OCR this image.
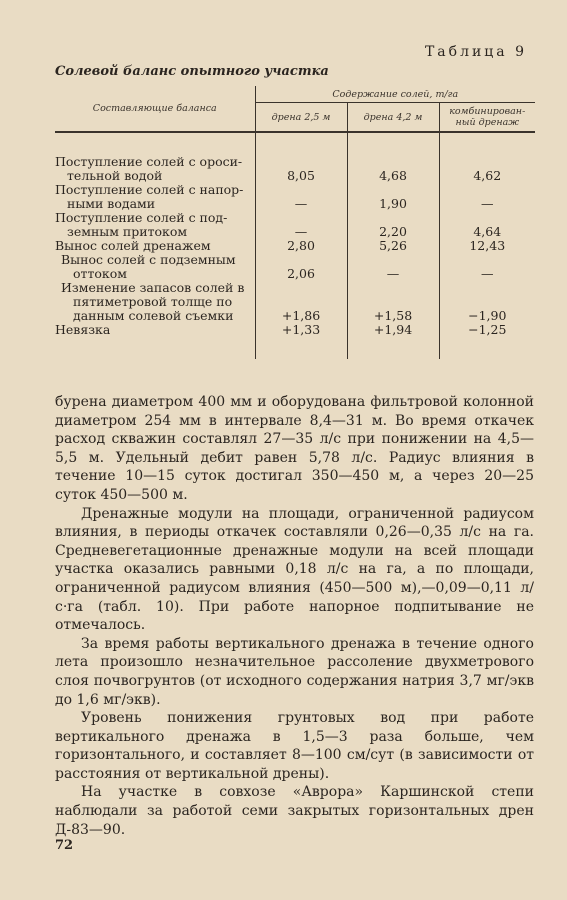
Таблица 9
Солевой баланс опытного участка
Составляющие баланса	Содержание солей, т/га		
	дрена 2,5 м	дрена 4,2 м	комбинирован-ный дренаж

Поступление солей с ороси-
тельной водой	8,05	4,68	4,62

Поступление солей с напор-
ными водами	—	1,90	—

Поступление солей с под-
земным притоком	—	2,20	4,64

Вынос солей дренажем	2,80	5,26	12,43

Вынос солей с подземным
оттоком	2,06	—	—

Изменение запасов солей в
пятиметровой толще по
данным солевой съемки	+1,86	+1,58	−1,90

Невязка	+1,33	+1,94	−1,25

бурена диаметром 400 мм и оборудована фильтровой колонной диаметром 254 мм в интервале 8,4—31 м. Во время откачек расход скважин составлял 27—35 л/с при понижении на 4,5—5,5 м. Удельный дебит равен 5,78 л/с. Радиус влияния в течение 10—15 суток достигал 350—450 м, а через 20—25 суток 450—500 м.

Дренажные модули на площади, ограниченной радиусом влияния, в периоды откачек составляли 0,26—0,35 л/с на га. Средневегетационные дренажные модули на всей площади участка оказались равными 0,18 л/с на га, а по площади, ограниченной радиусом влияния (450—500 м),—0,09—0,11 л/с·га (табл. 10). При работе напорное подпитывание не отмечалось.

За время работы вертикального дренажа в течение одного лета произошло незначительное рассоление двухметрового слоя почвогрунтов (от исходного содержания натрия 3,7 мг/экв до 1,6 мг/экв).

Уровень понижения грунтовых вод при работе вертикального дренажа в 1,5—3 раза больше, чем горизонтального, и составляет 8—100 см/сут (в зависимости от расстояния от вертикальной дрены).

На участке в совхозе «Аврора» Каршинской степи наблюдали за работой семи закрытых горизонтальных дрен Д-83—90.

72
